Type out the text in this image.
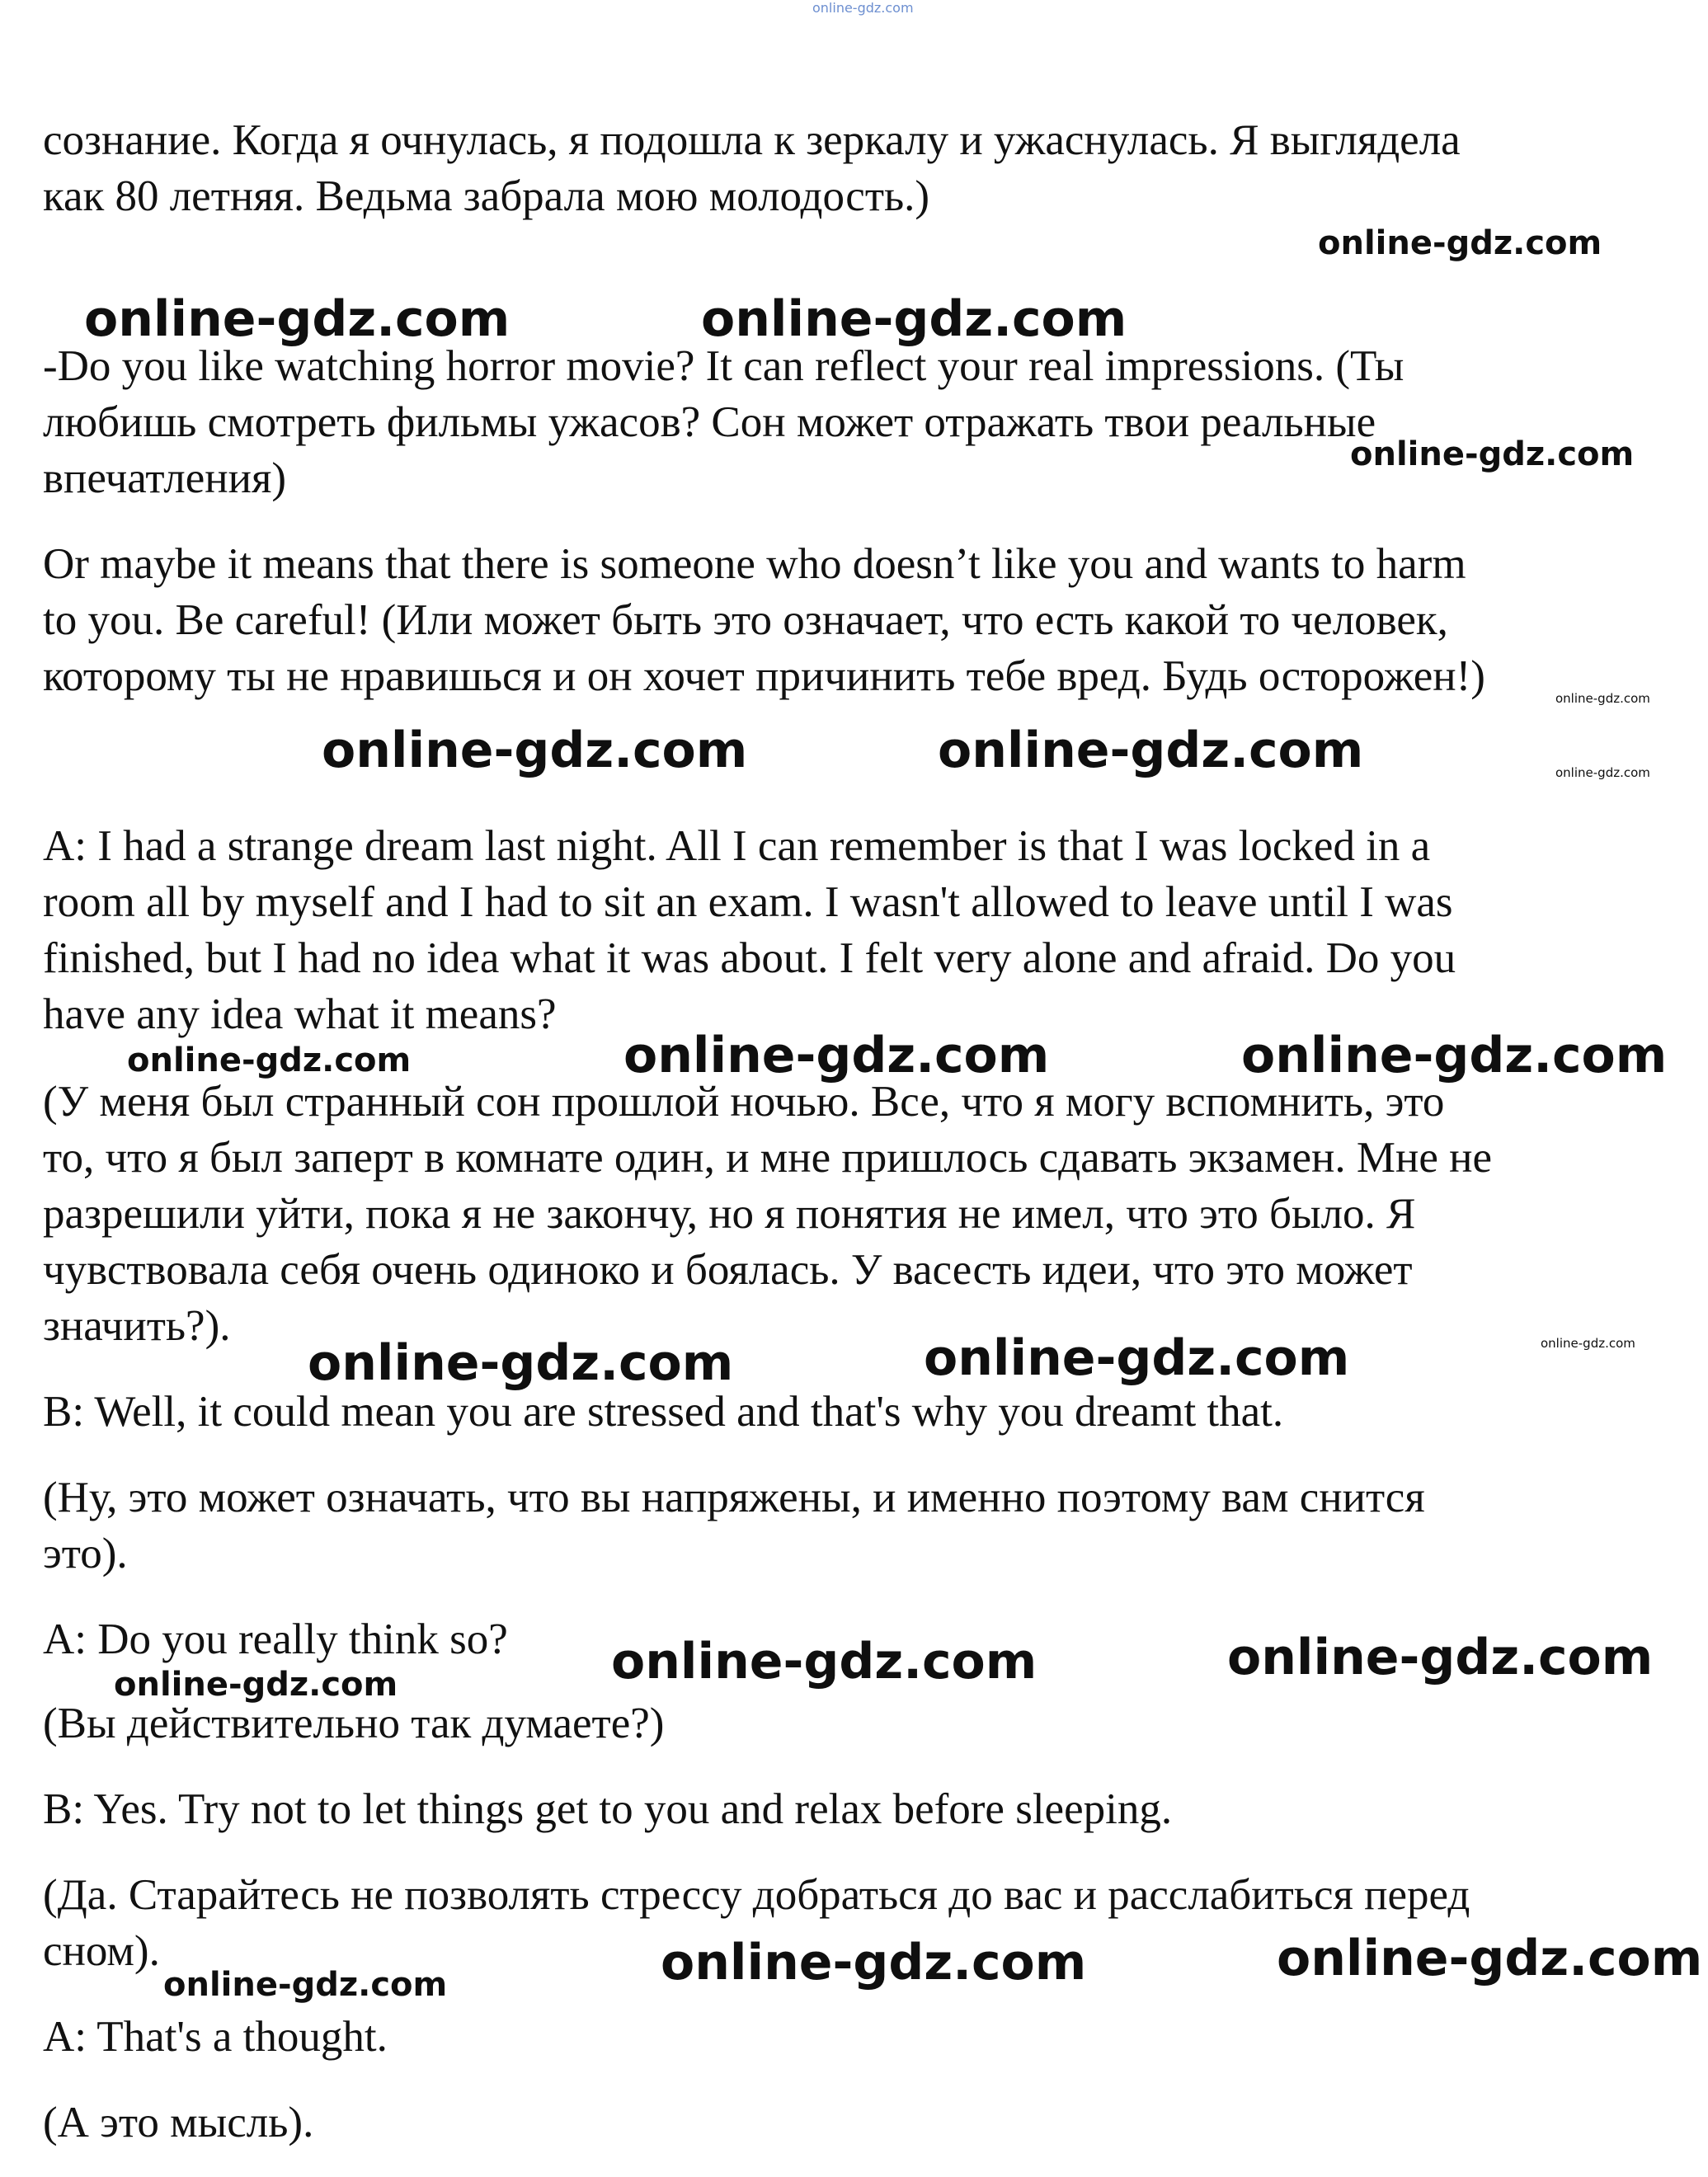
online-gdz.com
сознание. Когда я очнулась, я подошла к зеркалу и ужаснулась. Я выглядела
как 80 летняя. Ведьма забрала мою молодость.)
-Do you like watching horror movie? It can reflect your real impressions. (Ты
любишь смотреть фильмы ужасов? Сон может отражать твои реальные
впечатления)
Or maybe it means that there is someone who doesn’t like you and wants to harm
to you. Be careful! (Или может быть это означает, что есть какой то человек,
которому ты не нравишься и он хочет причинить тебе вред. Будь осторожен!)
A: I had a strange dream last night. All I can remember is that I was locked in a
room all by myself and I had to sit an exam. I wasn't allowed to leave until I was
finished, but I had no idea what it was about. I felt very alone and afraid. Do you
have any idea what it means?
(У меня был странный сон прошлой ночью. Все, что я могу вспомнить, это
то, что я был заперт в комнате один, и мне пришлось сдавать экзамен. Мне не
разрешили уйти, пока я не закончу, но я понятия не имел, что это было. Я
чувствовала себя очень одиноко и боялась. У васесть идеи, что это может
значить?).
B: Well, it could mean you are stressed and that's why you dreamt that.
(Ну, это может означать, что вы напряжены, и именно поэтому вам снится
это).
A: Do you really think so?
(Вы действительно так думаете?)
B: Yes. Try not to let things get to you and relax before sleeping.
(Да. Старайтесь не позволять стрессу добраться до вас и расслабиться перед
сном).
A: That's a thought.
(А это мысль).
online-gdz.com
online-gdz.com	online-gdz.com
online-gdz.com
online-gdz.com
online-gdz.com	online-gdz.com	online-gdz.com
online-gdz.com	online-gdz.com	online-gdz.com
online-gdz.com	online-gdz.com	online-gdz.com
online-gdz.com	online-gdz.com	online-gdz.com
online-gdz.com	online-gdz.com	online-gdz.com
